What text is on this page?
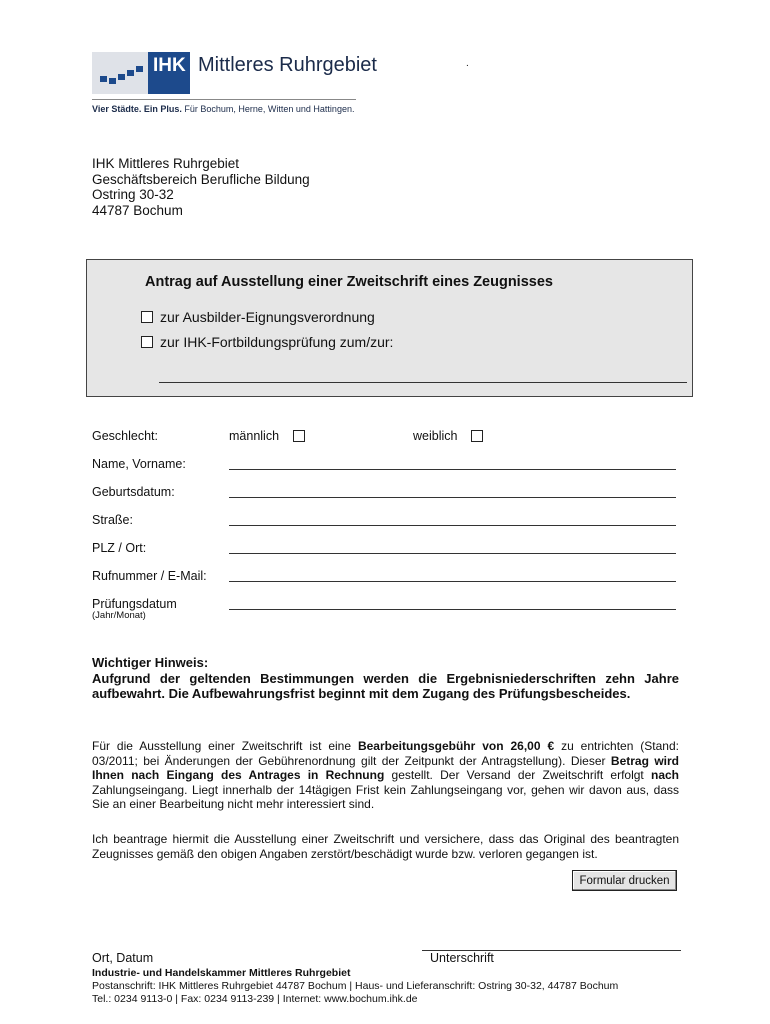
IHK Mittleres Ruhrgebiet
Vier Städte. Ein Plus. Für Bochum, Herne, Witten und Hattingen.
.
IHK Mittleres Ruhrgebiet
Geschäftsbereich Berufliche Bildung
Ostring 30-32
44787 Bochum
Antrag auf Ausstellung einer Zweitschrift eines Zeugnisses
zur Ausbilder-Eignungsverordnung
zur IHK-Fortbildungsprüfung zum/zur:
Geschlecht:	männlich	weiblich
Name, Vorname:
Geburtsdatum:
Straße:
PLZ / Ort:
Rufnummer / E-Mail:
Prüfungsdatum
(Jahr/Monat)
Wichtiger Hinweis:
Aufgrund der geltenden Bestimmungen werden die Ergebnisniederschriften zehn Jahre aufbewahrt. Die Aufbewahrungsfrist beginnt mit dem Zugang des Prüfungsbescheides.
Für die Ausstellung einer Zweitschrift ist eine Bearbeitungsgebühr von 26,00 € zu entrichten (Stand: 03/2011; bei Änderungen der Gebührenordnung gilt der Zeitpunkt der Antragstellung). Dieser Betrag wird Ihnen nach Eingang des Antrages in Rechnung gestellt. Der Versand der Zweitschrift erfolgt nach Zahlungseingang. Liegt innerhalb der 14tägigen Frist kein Zahlungseingang vor, gehen wir davon aus, dass Sie an einer Bearbeitung nicht mehr interessiert sind.
Ich beantrage hiermit die Ausstellung einer Zweitschrift und versichere, dass das Original des beantragten Zeugnisses gemäß den obigen Angaben zerstört/beschädigt wurde bzw. verloren gegangen ist.
Formular drucken
Ort, Datum	Unterschrift
Industrie- und Handelskammer Mittleres Ruhrgebiet
Postanschrift: IHK Mittleres Ruhrgebiet 44787 Bochum | Haus- und Lieferanschrift: Ostring 30-32, 44787 Bochum
Tel.: 0234 9113-0 | Fax: 0234 9113-239 | Internet: www.bochum.ihk.de
